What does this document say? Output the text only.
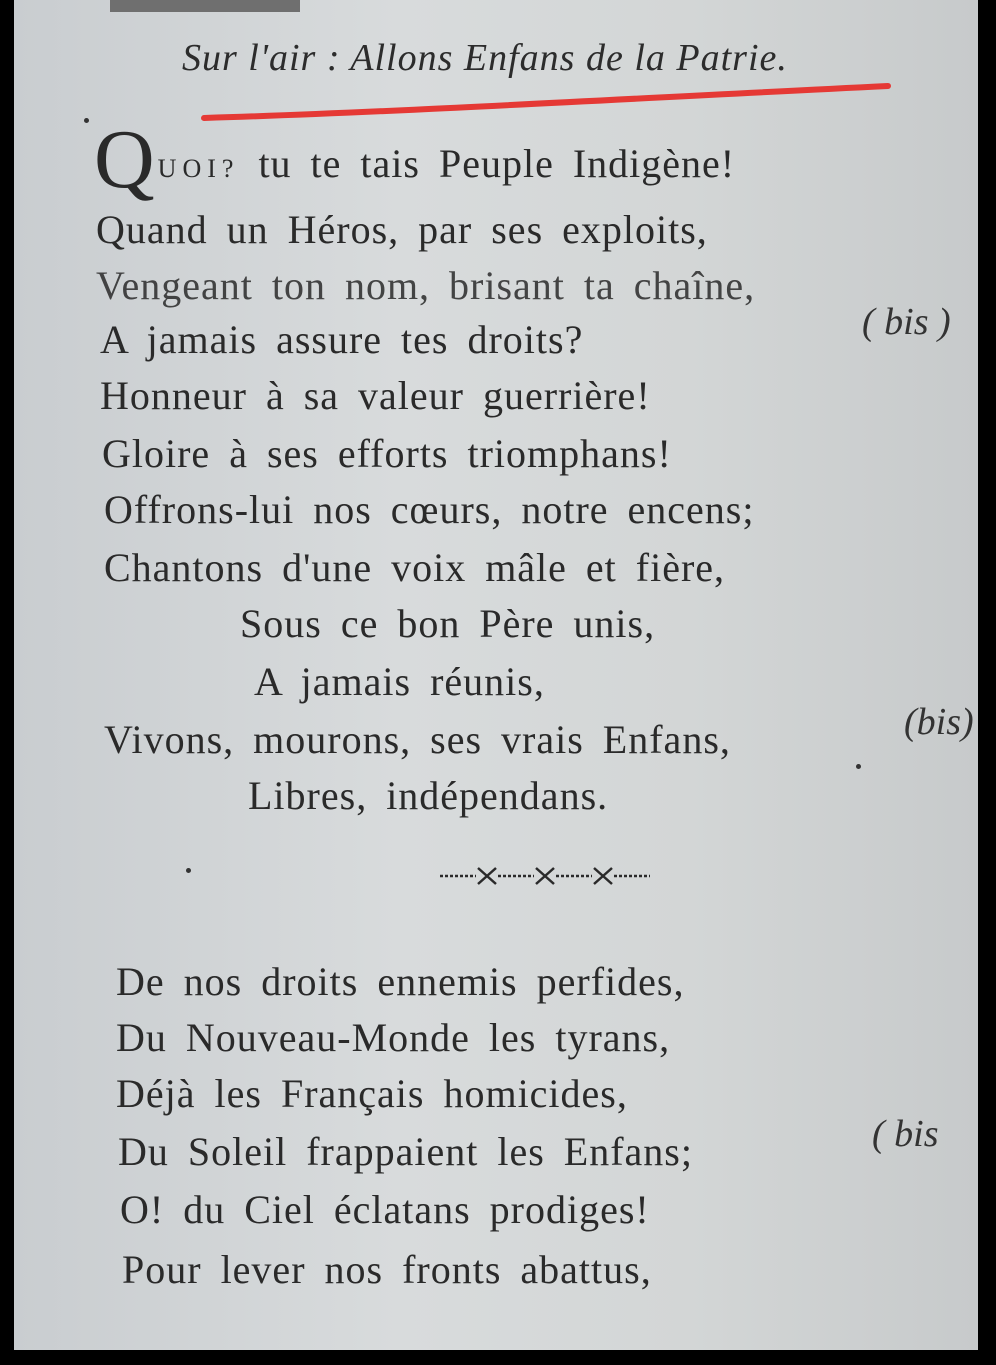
Sur l'air : Allons Enfans de la Patrie.
QUOI? tu te tais Peuple Indigène!
Quand un Héros, par ses exploits,
Vengeant ton nom, brisant ta chaîne,
A jamais assure tes droits?	( bis )
Honneur à sa valeur guerrière!
Gloire à ses efforts triomphans!
Offrons-lui nos cœurs, notre encens;
Chantons d'une voix mâle et fière,
Sous ce bon Père unis,
A jamais réunis,
Vivons, mourons, ses vrais Enfans,	(bis)
Libres, indépendans.
De nos droits ennemis perfides,
Du Nouveau-Monde les tyrans,
Déjà les Français homicides,
Du Soleil frappaient les Enfans;	( bis
O! du Ciel éclatans prodiges!
Pour lever nos fronts abattus,
